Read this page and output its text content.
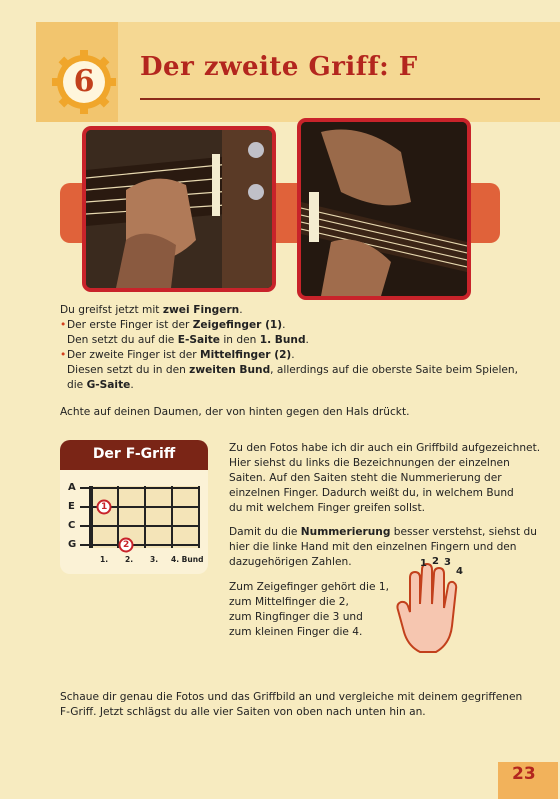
6	Der zweite Griff: F
Du greifst jetzt mit zwei Fingern.
• Der erste Finger ist der Zeigefinger (1).
Den setzt du auf die E-Saite in den 1. Bund.
• Der zweite Finger ist der Mittelfinger (2).
Diesen setzt du in den zweiten Bund, allerdings auf die oberste Saite beim Spielen,
die G-Saite.
Achte auf deinen Daumen, der von hinten gegen den Hals drückt.
Der F-Griff
A
E
C
G
1
2
1. 2. 3. 4. Bund
Zu den Fotos habe ich dir auch ein Griffbild aufgezeichnet.
Hier siehst du links die Bezeichnungen der einzelnen
Saiten. Auf den Saiten steht die Nummerierung der
einzelnen Finger. Dadurch weißt du, in welchem Bund
du mit welchem Finger greifen sollst.
Damit du die Nummerierung besser verstehst, siehst du
hier die linke Hand mit den einzelnen Fingern und den
dazugehörigen Zahlen.
Zum Zeigefinger gehört die 1,
zum Mittelfinger die 2,
zum Ringfinger die 3 und
zum kleinen Finger die 4.
1 2 3
4
Schaue dir genau die Fotos und das Griffbild an und vergleiche mit deinem gegriffenen
F-Griff. Jetzt schlägst du alle vier Saiten von oben nach unten hin an.
23
